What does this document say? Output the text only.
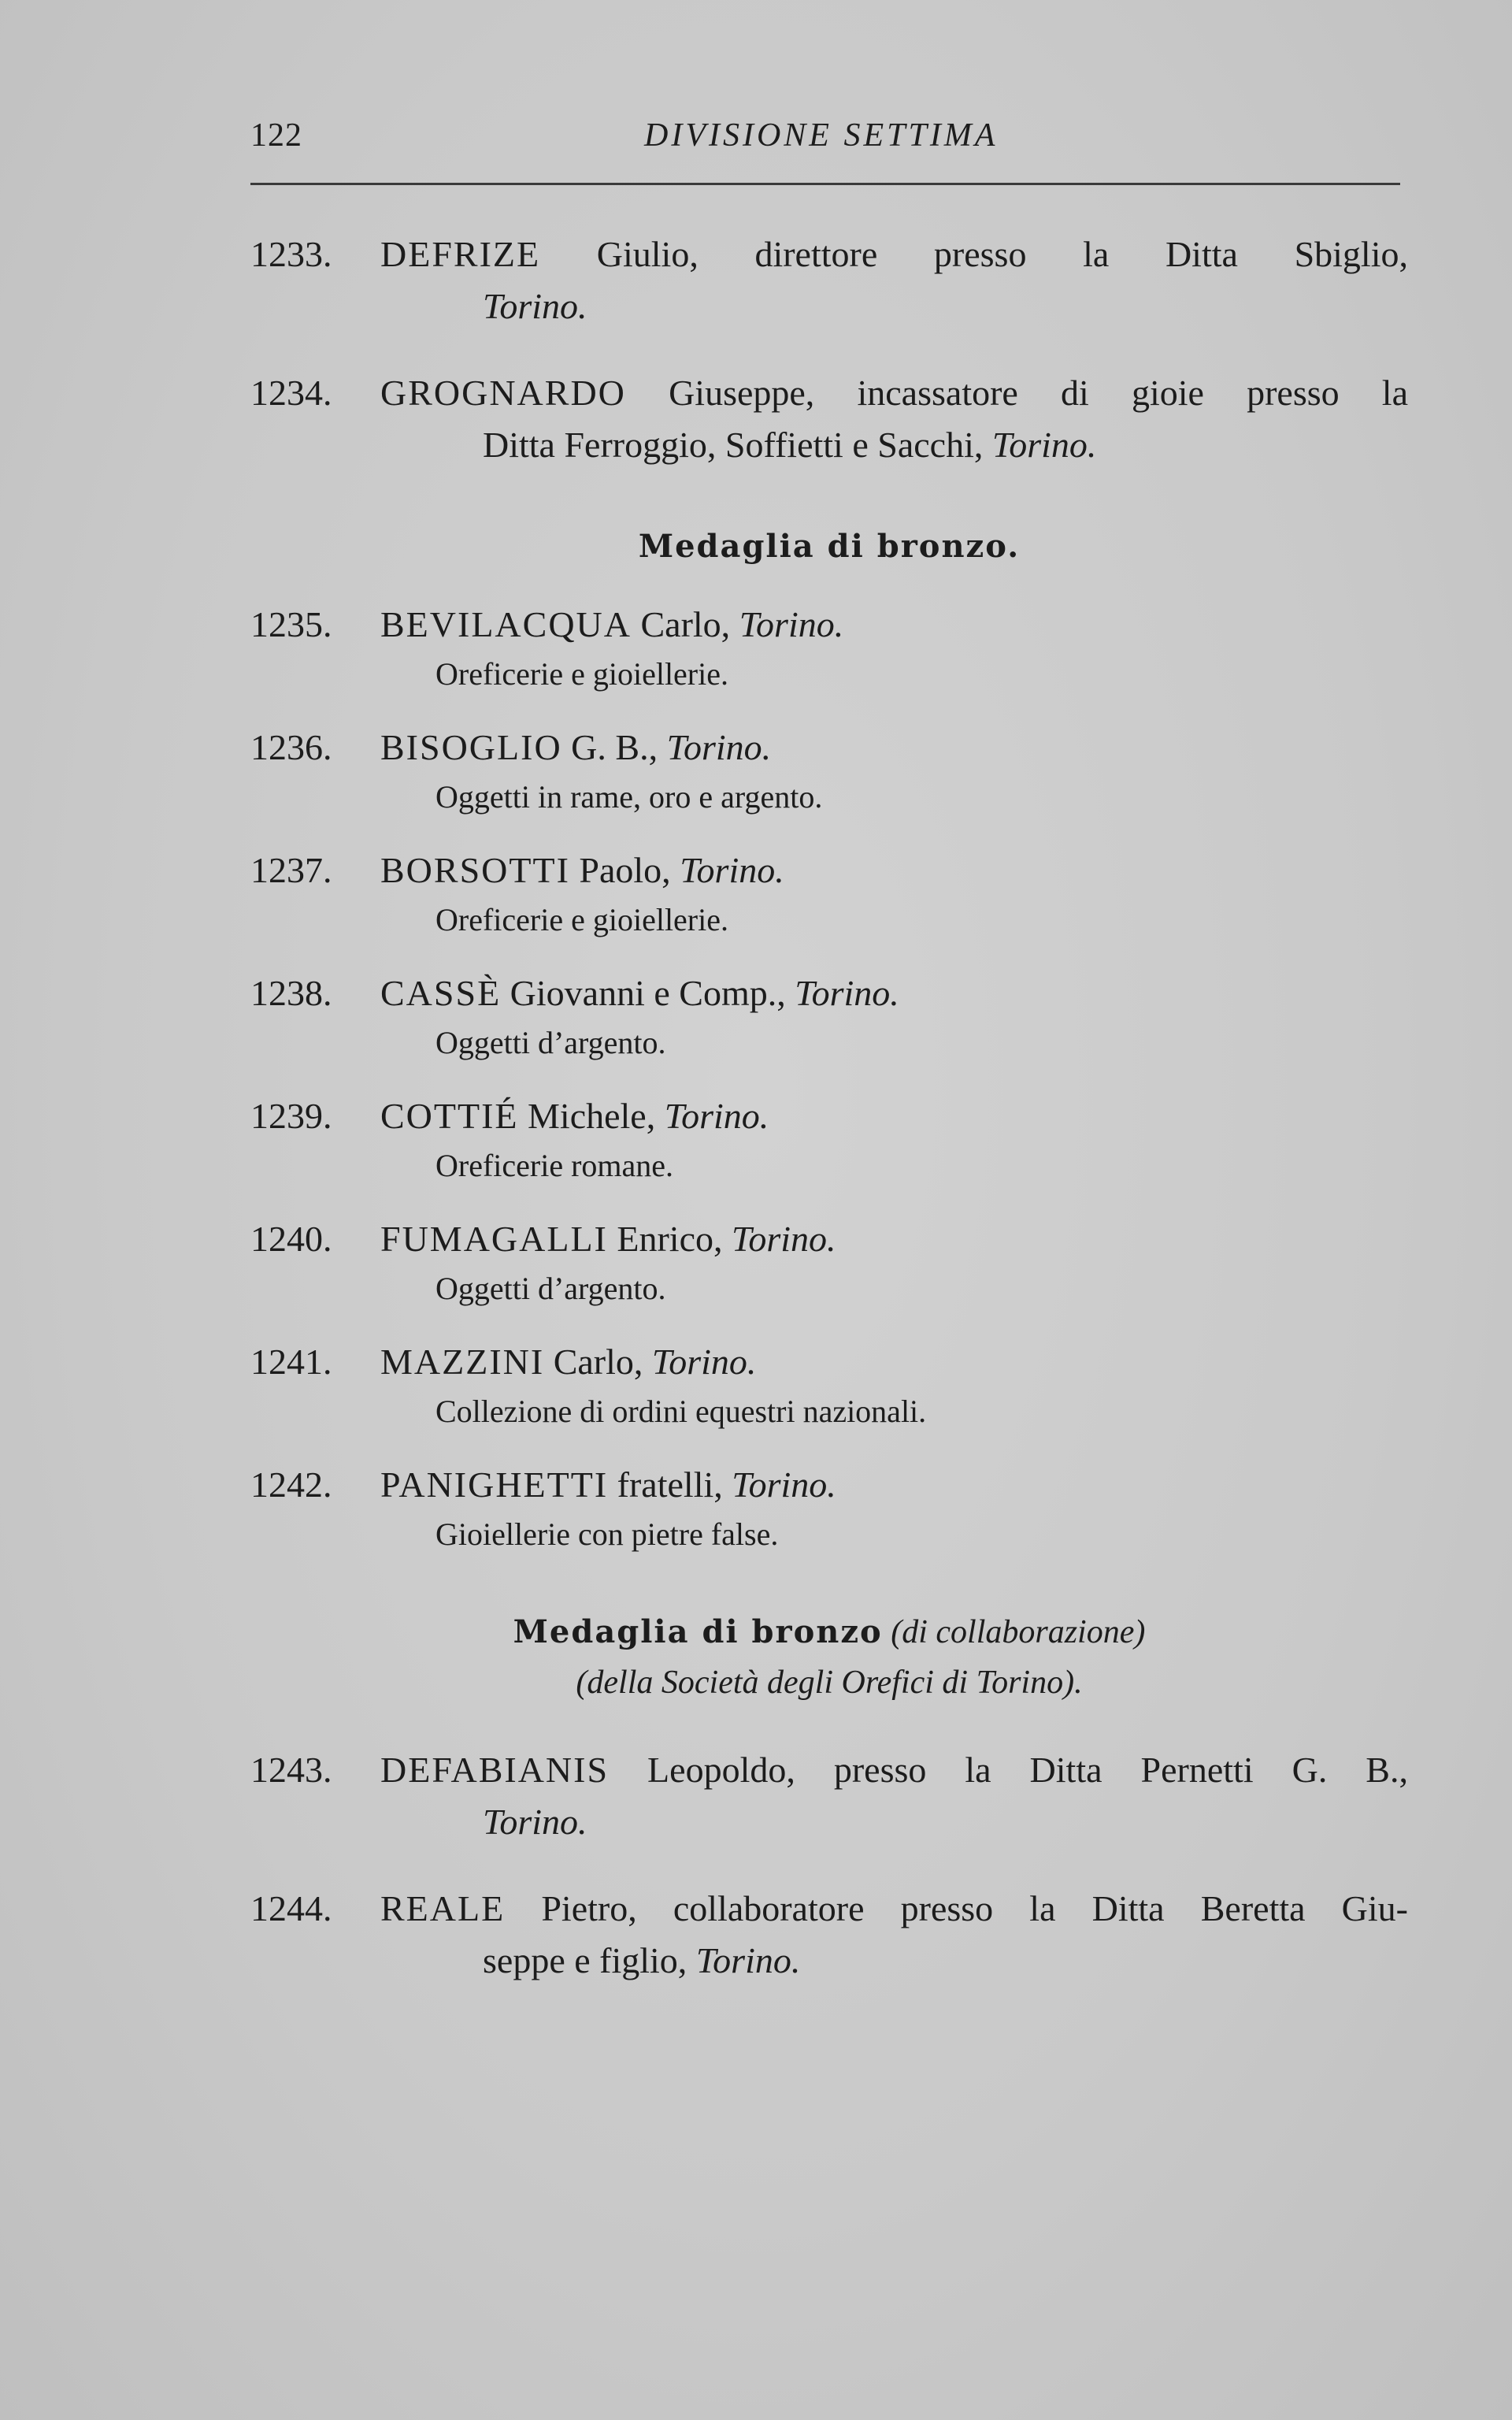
122	DIVISIONE SETTIMA
1233.	DEFRIZE Giulio, direttore presso la Ditta Sbiglio,
Torino.
1234.	GROGNARDO Giuseppe, incassatore di gioie presso la
Ditta Ferroggio, Soffietti e Sacchi, Torino.
Medaglia di bronzo.
1235.	BEVILACQUA Carlo, Torino.
Oreficerie e gioiellerie.
1236.	BISOGLIO G. B., Torino.
Oggetti in rame, oro e argento.
1237.	BORSOTTI Paolo, Torino.
Oreficerie e gioiellerie.
1238.	CASSÈ Giovanni e Comp., Torino.
Oggetti d’argento.
1239.	COTTIÉ Michele, Torino.
Oreficerie romane.
1240.	FUMAGALLI Enrico, Torino.
Oggetti d’argento.
1241.	MAZZINI Carlo, Torino.
Collezione di ordini equestri nazionali.
1242.	PANIGHETTI fratelli, Torino.
Gioiellerie con pietre false.
Medaglia di bronzo (di collaborazione)
(della Società degli Orefici di Torino).
1243.	DEFABIANIS Leopoldo, presso la Ditta Pernetti G. B.,
Torino.
1244.	REALE Pietro, collaboratore presso la Ditta Beretta Giu-
seppe e figlio, Torino.
